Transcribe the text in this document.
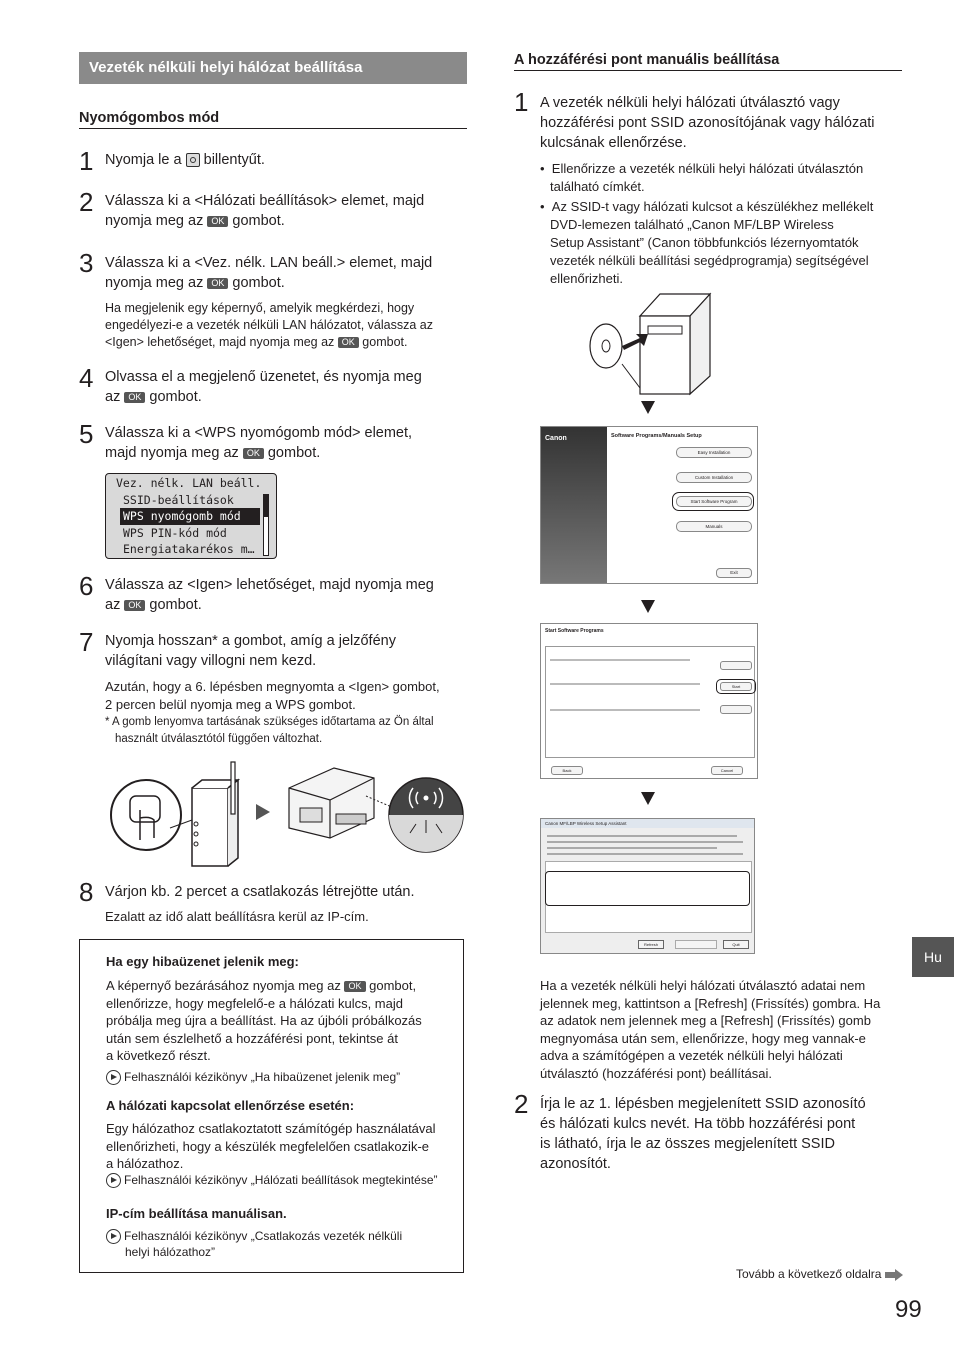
Vezeték nélküli helyi hálózat beállítása
Nyomógombos mód
1 Nyomja le a billentyűt.
2 Válassza ki a <Hálózati beállítások> elemet, majd
nyomja meg az OK gombot.
3 Válassza ki a <Vez. nélk. LAN beáll.> elemet, majd
nyomja meg az OK gombot.
Ha megjelenik egy képernyő, amelyik megkérdezi, hogy
engedélyezi-e a vezeték nélküli LAN hálózatot, válassza az
<Igen> lehetőséget, majd nyomja meg az OK gombot.
4 Olvassa el a megjelenő üzenetet, és nyomja meg
az OK gombot.
5 Válassza ki a <WPS nyomógomb mód> elemet,
majd nyomja meg az OK gombot.
Vez. nélk. LAN beáll.
SSID-beállítások
WPS nyomógomb mód
WPS PIN-kód mód
Energiatakarékos m…
6 Válassza az <Igen> lehetőséget, majd nyomja meg
az OK gombot.
7 Nyomja hosszan* a gombot, amíg a jelzőfény
világítani vagy villogni nem kezd.
Azután, hogy a 6. lépésben megnyomta a <Igen> gombot,
2 percen belül nyomja meg a WPS gombot.
* A gomb lenyomva tartásának szükséges időtartama az Ön által
használt útválasztótól függően változhat.
8 Várjon kb. 2 percet a csatlakozás létrejötte után.
Ezalatt az idő alatt beállításra kerül az IP-cím.
Ha egy hibaüzenet jelenik meg:
A képernyő bezárásához nyomja meg az OK gombot,
ellenőrizze, hogy megfelelő-e a hálózati kulcs, majd
próbálja meg újra a beállítást. Ha az újbóli próbálkozás
után sem észlelhető a hozzáférési pont, tekintse át
a következő részt.
Felhasználói kézikönyv „Ha hibaüzenet jelenik meg”
A hálózati kapcsolat ellenőrzése esetén:
Egy hálózathoz csatlakoztatott számítógép használatával
ellenőrizheti, hogy a készülék megfelelően csatlakozik-e
a hálózathoz.
Felhasználói kézikönyv „Hálózati beállítások megtekintése”
IP-cím beállítása manuálisan.
Felhasználói kézikönyv „Csatlakozás vezeték nélküli
helyi hálózathoz”
A hozzáférési pont manuális beállítása
1 A vezeték nélküli helyi hálózati útválasztó vagy
hozzáférési pont SSID azonosítójának vagy hálózati
kulcsának ellenőrzése.
•  Ellenőrizze a vezeték nélküli helyi hálózati útválasztón
található címkét.
•  Az SSID-t vagy hálózati kulcsot a készülékhez mellékelt
DVD-lemezen található „Canon MF/LBP Wireless
Setup Assistant” (Canon többfunkciós lézernyomtatók
vezeték nélküli beállítási segédprogramja) segítségével
ellenőrizheti.
Canon	Software Programs/Manuals Setup
Easy Installation
Custom Installation
Start Software Program
Manuals
Exit
Start Software Programs
Start
Back	Cancel
Canon MF/LBP Wireless Setup Assistant
Refresh	Quit
Ha a vezeték nélküli helyi hálózati útválasztó adatai nem
jelennek meg, kattintson a [Refresh] (Frissítés) gombra. Ha
az adatok nem jelennek meg a [Refresh] (Frissítés) gomb
megnyomása után sem, ellenőrizze, hogy meg vannak-e
adva a számítógépen a vezeték nélküli helyi hálózati
útválasztó (hozzáférési pont) beállításai.
2 Írja le az 1. lépésben megjelenített SSID azonosító
és hálózati kulcs nevét. Ha több hozzáférési pont
is látható, írja le az összes megjelenített SSID
azonosítót.
Hu
Tovább a következő oldalra
99
